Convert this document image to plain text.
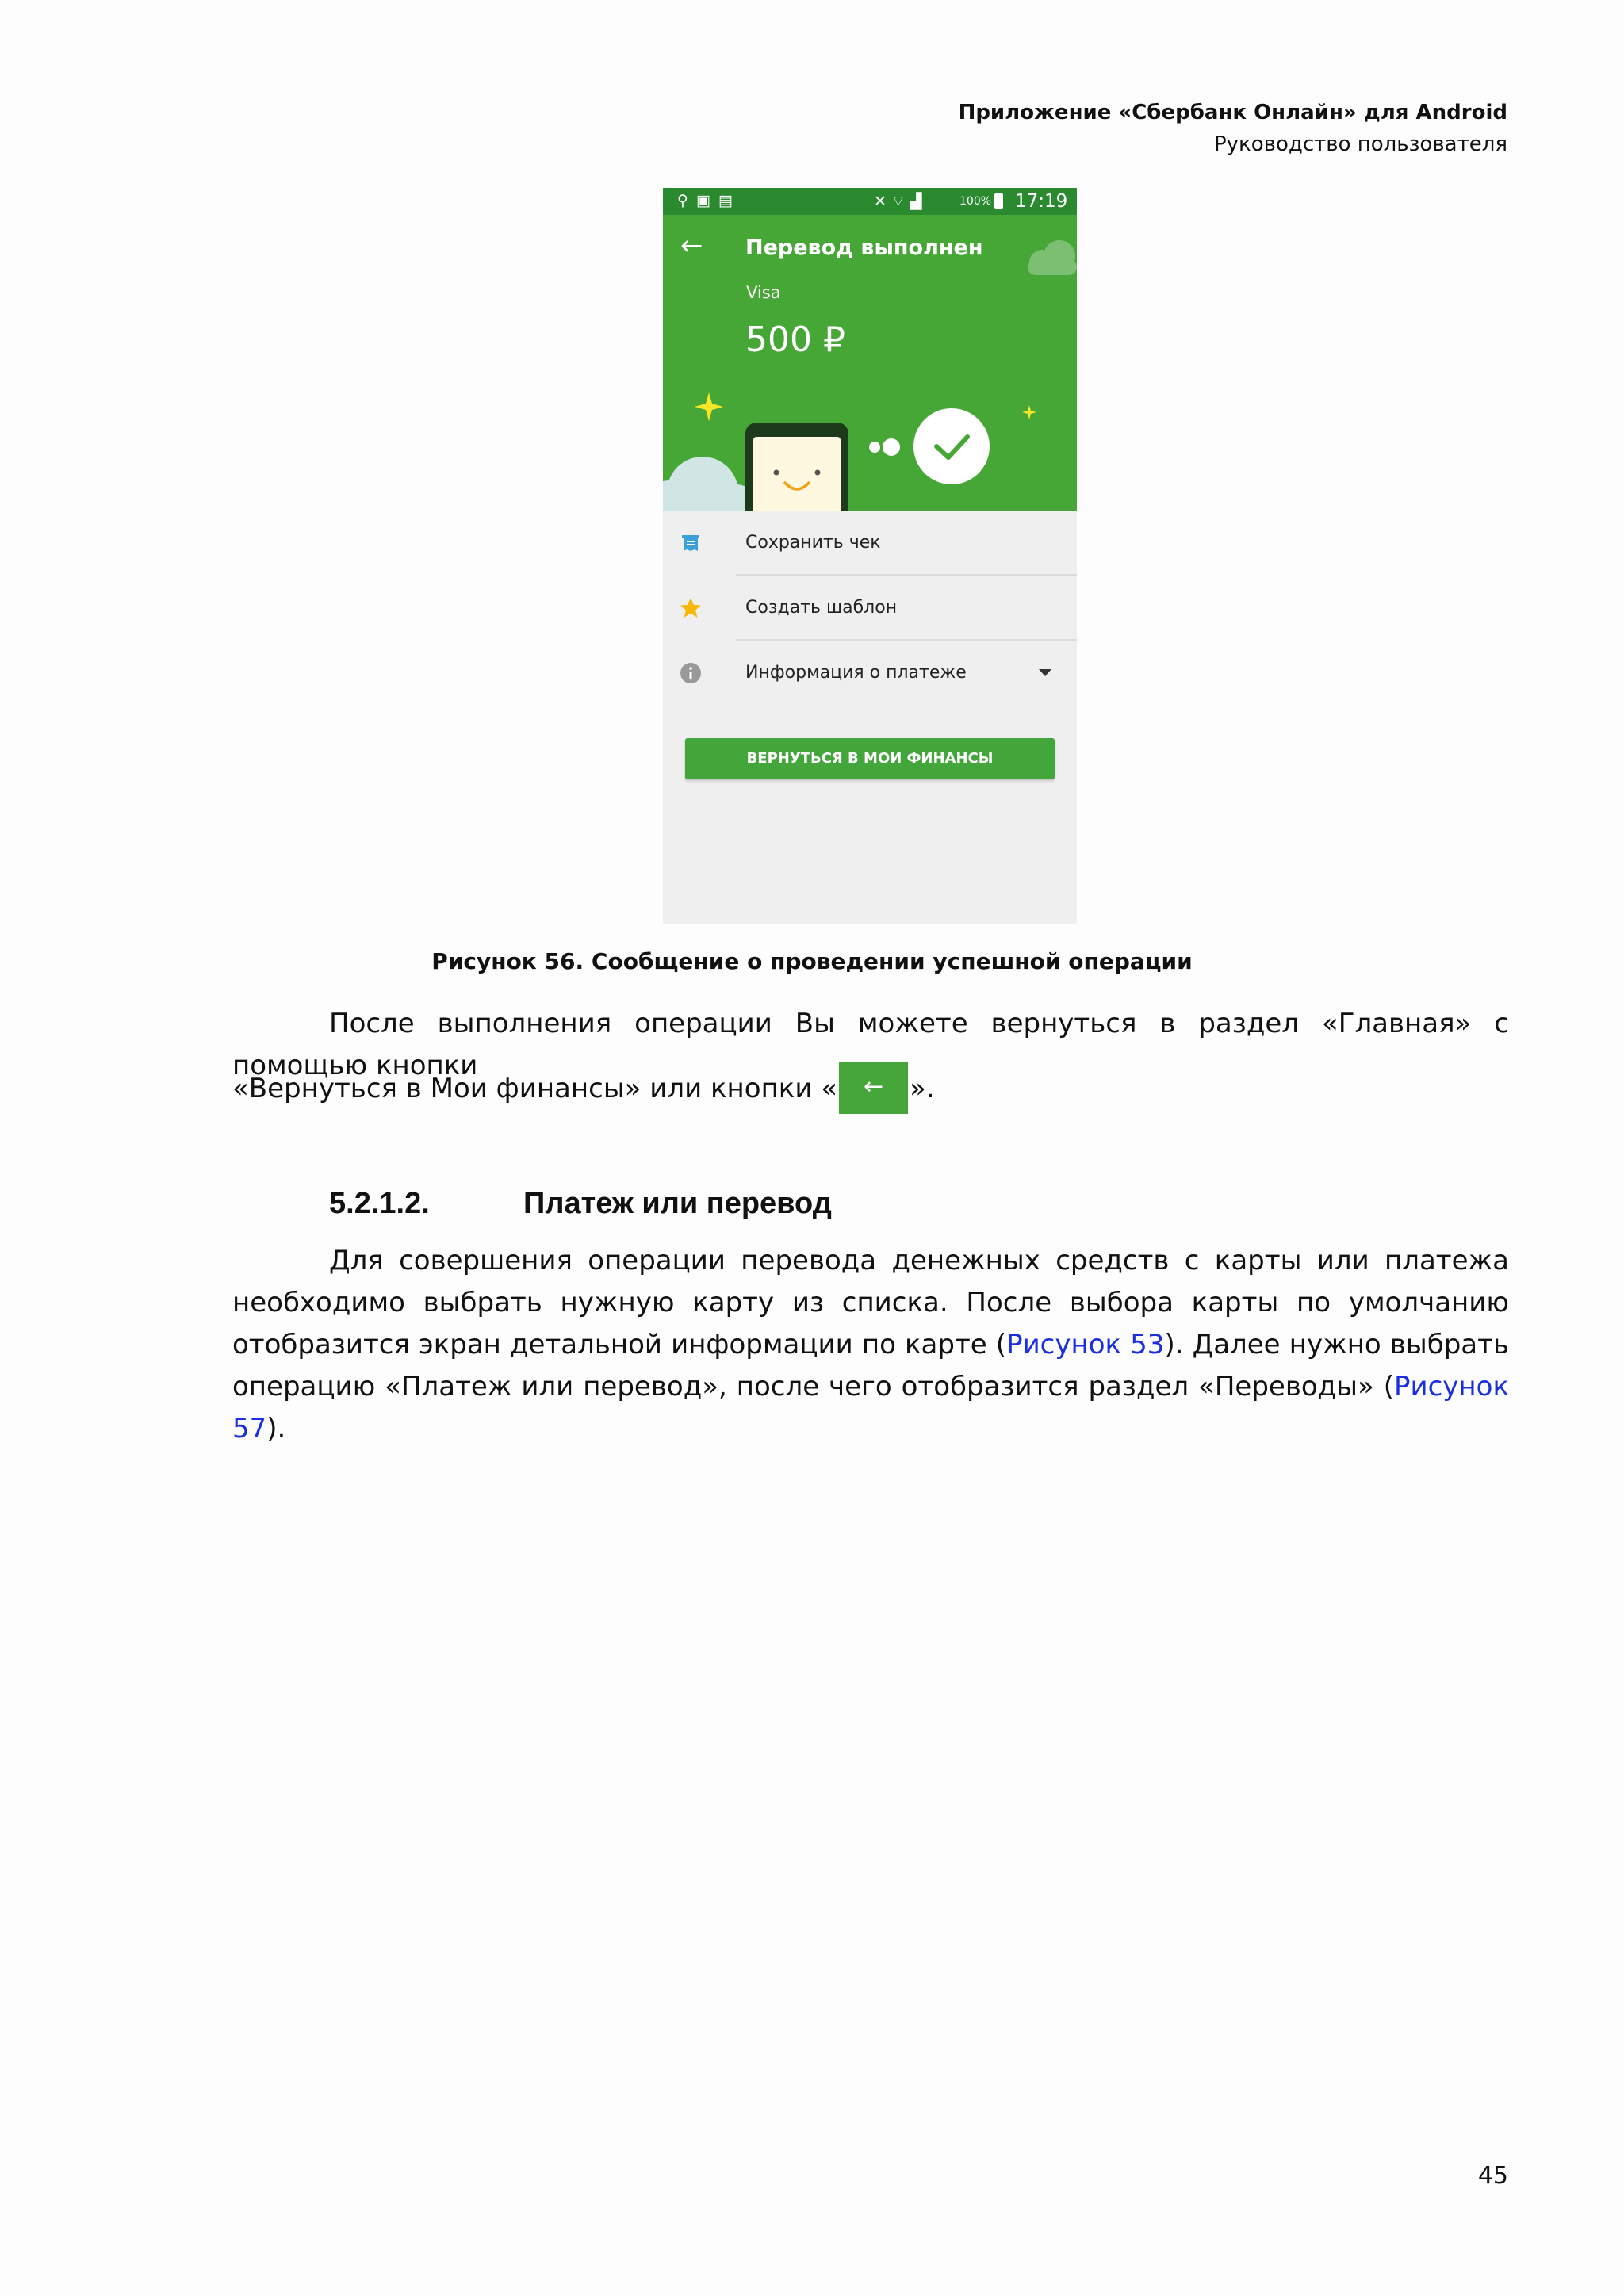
Приложение «Сбербанк Онлайн» для Android
Руководство пользователя
⚲▣▤	✕⌔▟	100% 17:19
← Перевод выполнен
Visa
500 ₽
Сохранить чек
Создать шаблон
Информация о платеже
ВЕРНУТЬСЯ В МОИ ФИНАНСЫ
Рисунок 56. Сообщение о проведении успешной операции
После выполнения операции Вы можете вернуться в раздел «Главная» с помощью кнопки
«Вернуться в Мои финансы» или кнопки « ← ».
5.2.1.2.	Платеж или перевод
Для совершения операции перевода денежных средств с карты или платежа необходимо выбрать нужную карту из списка. После выбора карты по умолчанию отобразится экран детальной информации по карте (Рисунок 53). Далее нужно выбрать операцию «Платеж или перевод», после чего отобразится раздел «Переводы» (Рисунок 57).
45
